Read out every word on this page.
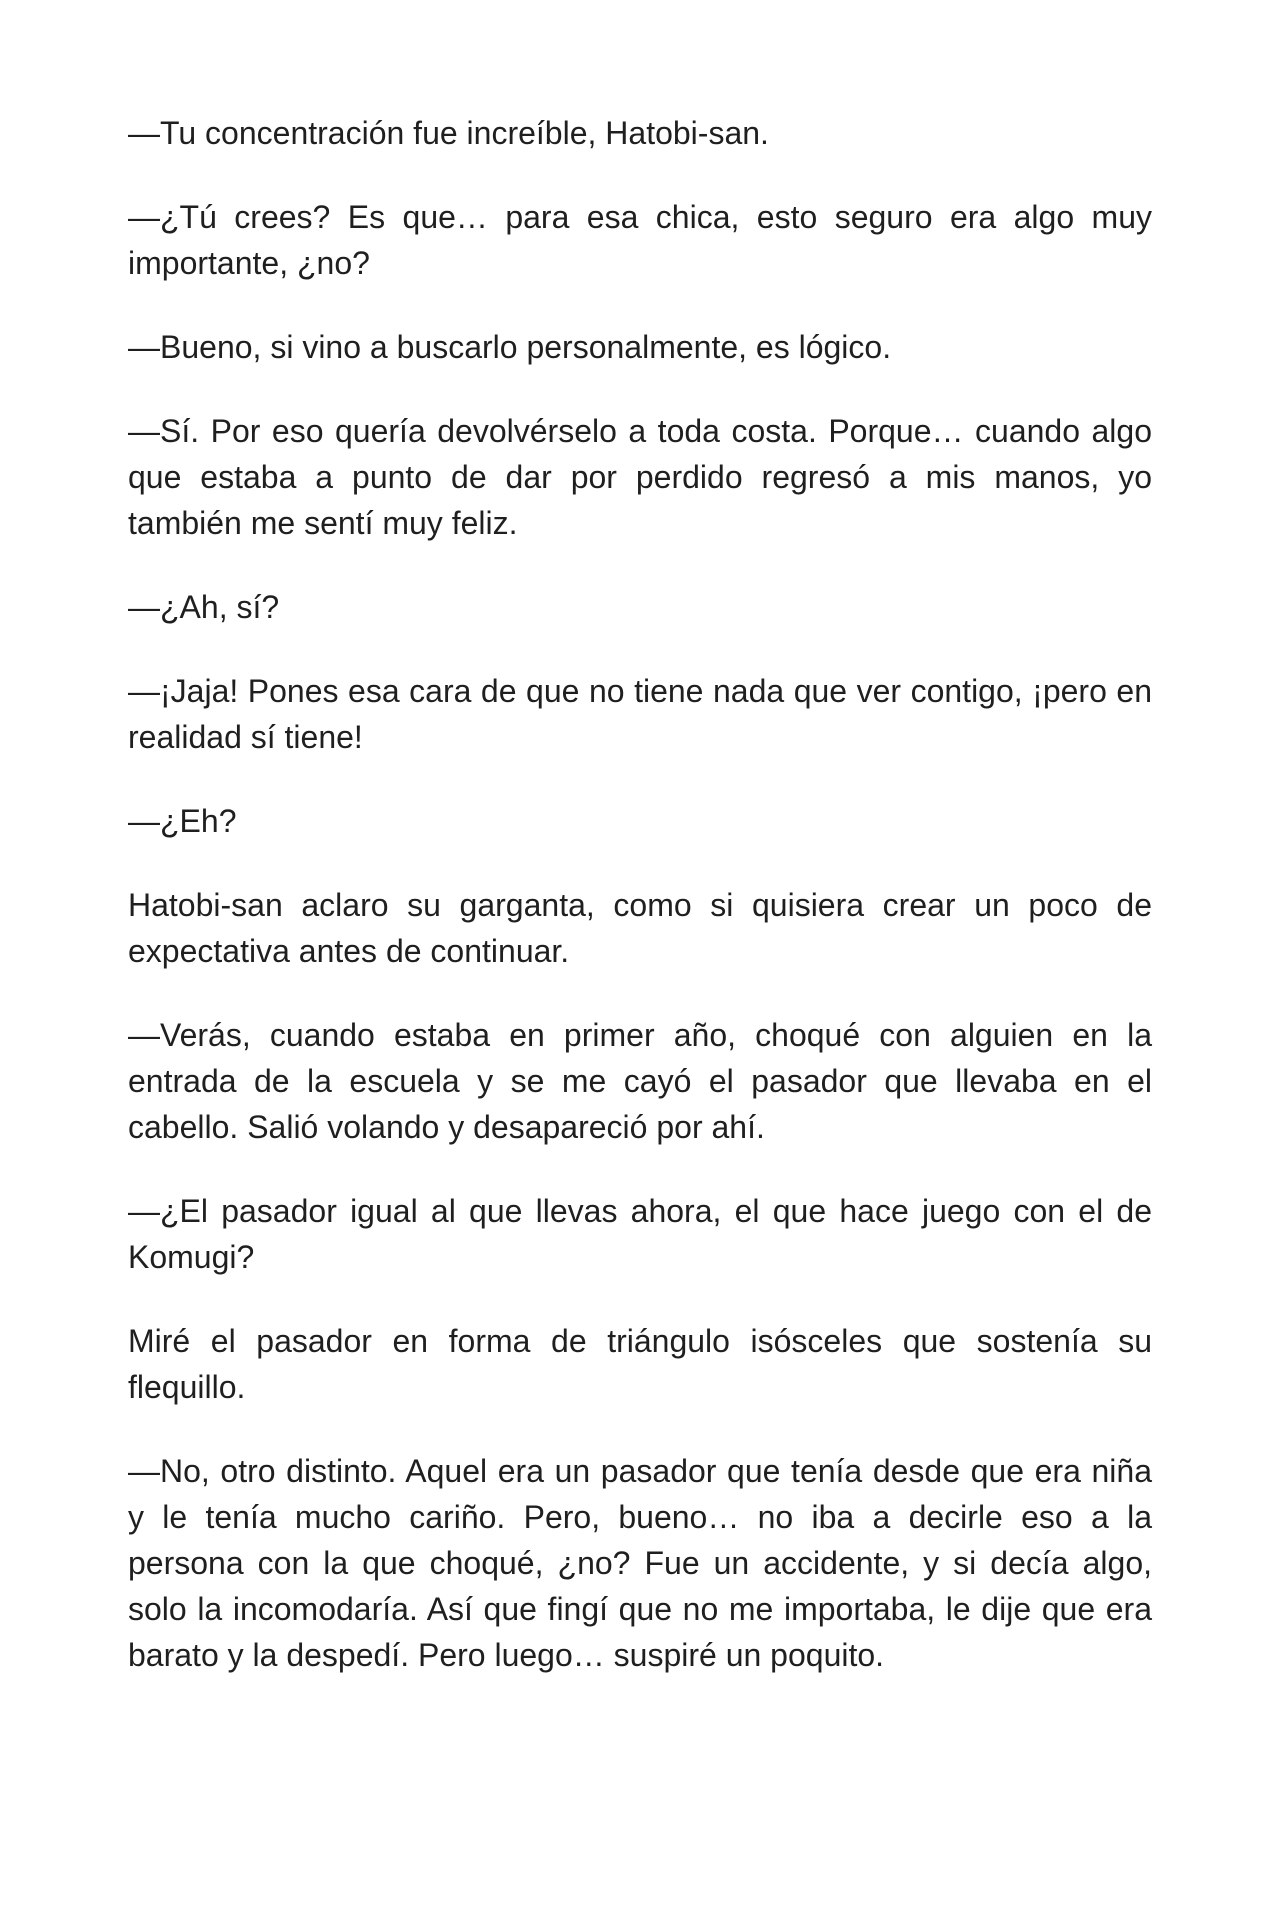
—Tu concentración fue increíble, Hatobi-san.

—¿Tú crees? Es que… para esa chica, esto seguro era algo muy importante, ¿no?

—Bueno, si vino a buscarlo personalmente, es lógico.

—Sí. Por eso quería devolvérselo a toda costa. Porque… cuando algo que estaba a punto de dar por perdido regresó a mis manos, yo también me sentí muy feliz.

—¿Ah, sí?

—¡Jaja! Pones esa cara de que no tiene nada que ver contigo, ¡pero en realidad sí tiene!

—¿Eh?

Hatobi-san aclaro su garganta, como si quisiera crear un poco de expectativa antes de continuar.

—Verás, cuando estaba en primer año, choqué con alguien en la entrada de la escuela y se me cayó el pasador que llevaba en el cabello. Salió volando y desapareció por ahí.

—¿El pasador igual al que llevas ahora, el que hace juego con el de Komugi?

Miré el pasador en forma de triángulo isósceles que sostenía su flequillo.

—No, otro distinto. Aquel era un pasador que tenía desde que era niña y le tenía mucho cariño. Pero, bueno… no iba a decirle eso a la persona con la que choqué, ¿no? Fue un accidente, y si decía algo, solo la incomodaría. Así que fingí que no me importaba, le dije que era barato y la despedí. Pero luego… suspiré un poquito.
